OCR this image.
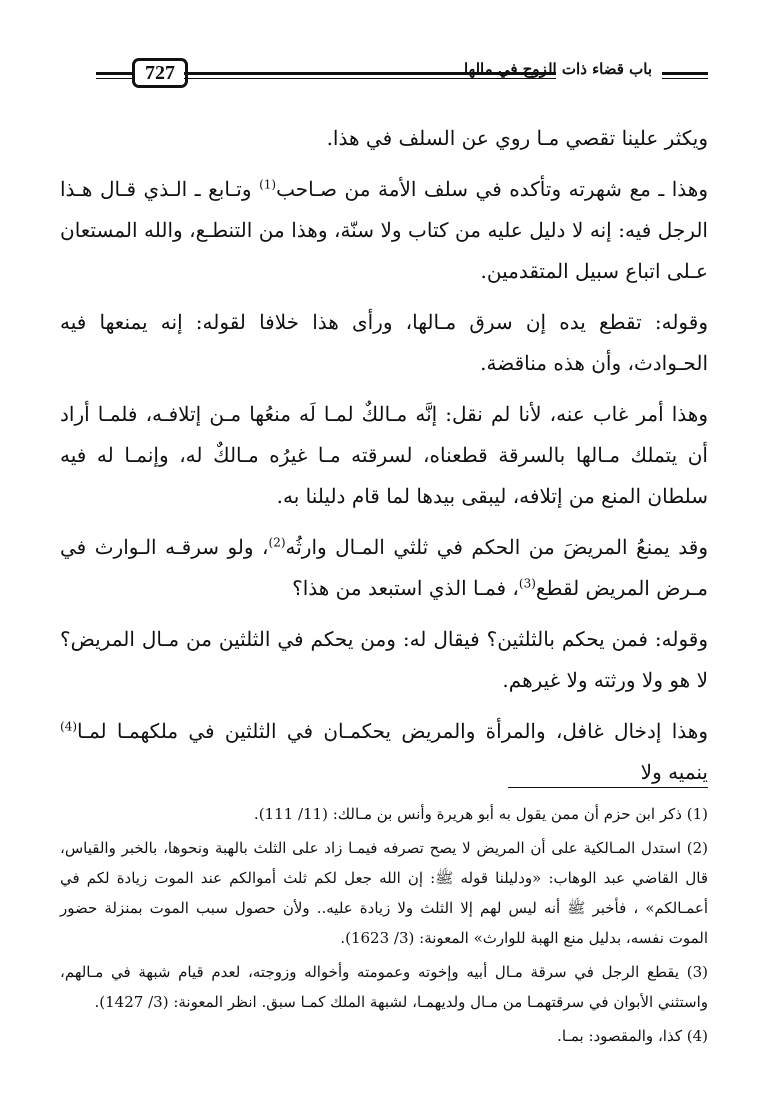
727	باب قضاء ذات الزوج في مالها

ويكثر علينا تقصي مـا روي عن السلف في هذا.

وهذا ـ مع شهرته وتأكده في سلف الأمة من صـاحب$^{(1)}$ وتـابع ـ الـذي قـال هـذا الرجل فيه: إنه لا دليل عليه من كتاب ولا سنّة، وهذا من التنطـع، والله المستعان عـلى اتباع سبيل المتقدمين.

وقوله: تقطع يده إن سرق مـالها، ورأى هذا خلافا لقوله: إنه يمنعها فيه الحـوادث، وأن هذه مناقضة.

وهذا أمر غاب عنه، لأنا لم نقل: إنَّه مـالكٌ لمـا لَه منعُها مـن إتلافـه، فلمـا أراد أن يتملك مـالها بالسرقة قطعناه، لسرقته مـا غيرُه مـالكٌ له، وإنمـا له فيه سلطان المنع من إتلافه، ليبقى بيدها لما قام دليلنا به.

وقد يمنعُ المريضَ من الحكم في ثلثي المـال وارثُه$^{(2)}$، ولو سرقـه الـوارث في مـرض المريض لقطع$^{(3)}$، فمـا الذي استبعد من هذا؟

وقوله: فمن يحكم بالثلثين؟ فيقال له: ومن يحكم في الثلثين من مـال المريض؟ لا هو ولا ورثته ولا غيرهم.

وهذا إدخال غافل، والمرأة والمريض يحكمـان في الثلثين في ملكهمـا لمـا$^{(4)}$ ينميه ولا

(1) ذكر ابن حزم أن ممن يقول به أبو هريرة وأنس بن مـالك: (11/ 111).

(2) استدل المـالكية على أن المريض لا يصح تصرفه فيمـا زاد على الثلث بالهبة ونحوها، بالخبر والقياس، قال القاضي عبد الوهاب: «ودليلنا قوله ﷺ: إن الله جعل لكم ثلث أموالكم عند الموت زيادة لكم في أعمـالكم» ، فأخبر ﷺ أنه ليس لهم إلا الثلث ولا زيادة عليه.. ولأن حصول سبب الموت بمنزلة حضور الموت نفسه، بدليل منع الهبة للوارث» المعونة: (3/ 1623).

(3) يقطع الرجل في سرقة مـال أبيه وإخوته وعمومته وأخواله وزوجته، لعدم قيام شبهة في مـالهم، واستثني الأبوان في سرقتهمـا من مـال ولديهمـا، لشبهة الملك كمـا سبق. انظر المعونة: (3/ 1427).

(4) كذا، والمقصود: بمـا.
